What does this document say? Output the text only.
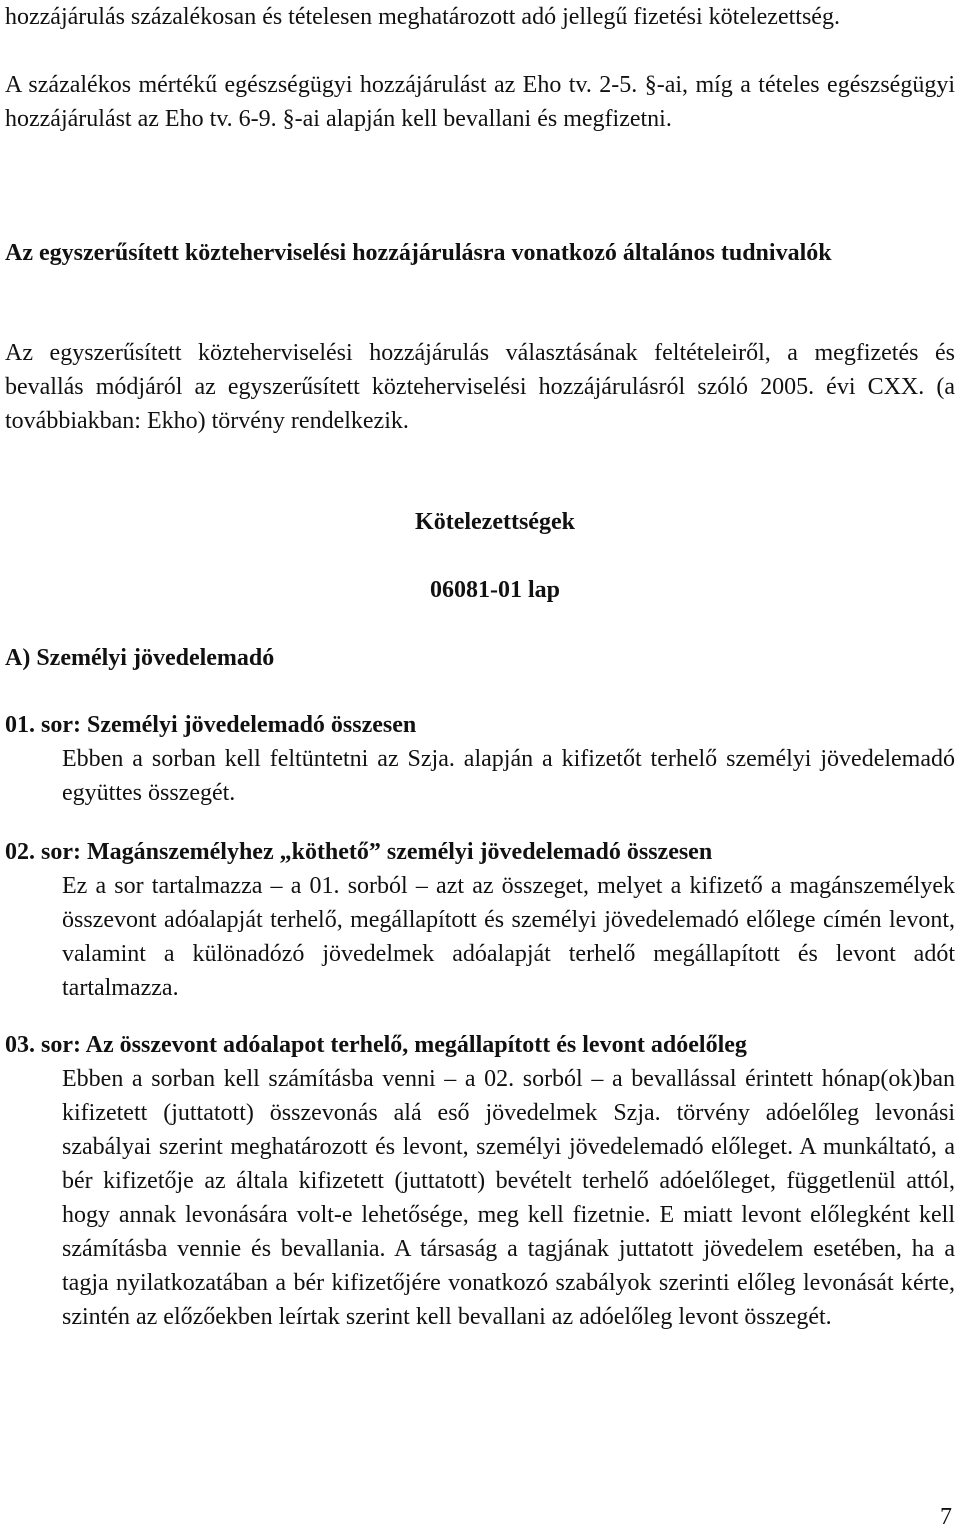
hozzájárulás százalékosan és tételesen meghatározott adó jellegű fizetési kötelezettség.

A százalékos mértékű egészségügyi hozzájárulást az Eho tv. 2-5. §-ai, míg a tételes egészségügyi hozzájárulást az Eho tv. 6-9. §-ai alapján kell bevallani és megfizetni.

Az egyszerűsített közteherviselési hozzájárulásra vonatkozó általános tudnivalók

Az egyszerűsített közteherviselési hozzájárulás választásának feltételeiről, a megfizetés és bevallás módjáról az egyszerűsített közteherviselési hozzájárulásról szóló 2005. évi CXX. (a továbbiakban: Ekho) törvény rendelkezik.

Kötelezettségek
06081-01 lap
A) Személyi jövedelemadó
01. sor: Személyi jövedelemadó összesen

Ebben a sorban kell feltüntetni az Szja. alapján a kifizetőt terhelő személyi jövedelemadó együttes összegét.

02. sor: Magánszemélyhez „köthető” személyi jövedelemadó összesen

Ez a sor tartalmazza – a 01. sorból – azt az összeget, melyet a kifizető a magánszemélyek összevont adóalapját terhelő, megállapított és személyi jövedelemadó előlege címén levont, valamint a különadózó jövedelmek adóalapját terhelő megállapított és levont adót tartalmazza.

03. sor: Az összevont adóalapot terhelő, megállapított és levont adóelőleg

Ebben a sorban kell számításba venni – a 02. sorból – a bevallással érintett hónap(ok)ban kifizetett (juttatott) összevonás alá eső jövedelmek Szja. törvény adóelőleg levonási szabályai szerint meghatározott és levont, személyi jövedelemadó előleget. A munkáltató, a bér kifizetője az általa kifizetett (juttatott) bevételt terhelő adóelőleget, függetlenül attól, hogy annak levonására volt-e lehetősége, meg kell fizetnie. E miatt levont előlegként kell számításba vennie és bevallania. A társaság a tagjának juttatott jövedelem esetében, ha a tagja nyilatkozatában a bér kifizetőjére vonatkozó szabályok szerinti előleg levonását kérte, szintén az előzőekben leírtak szerint kell bevallani az adóelőleg levont összegét.

7
